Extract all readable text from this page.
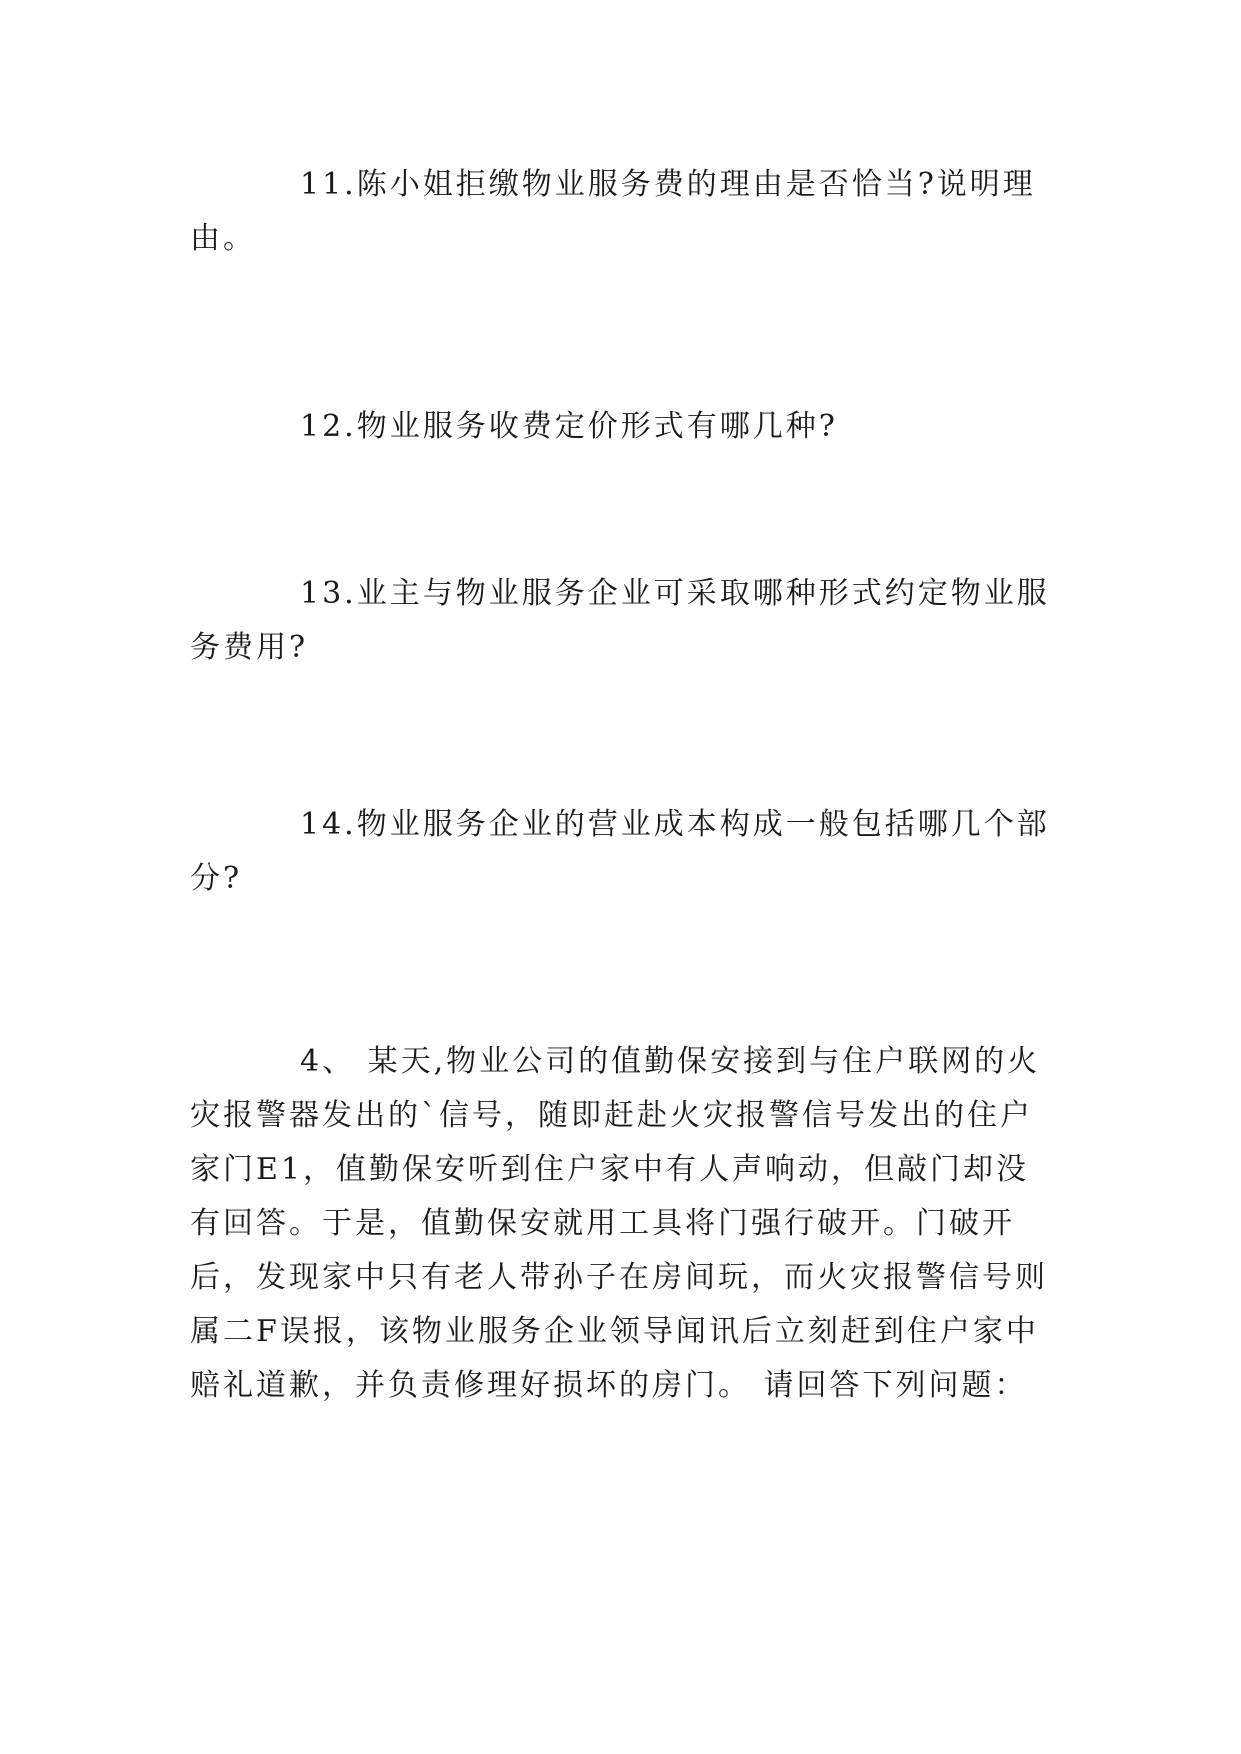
11.陈小姐拒缴物业服务费的理由是否恰当?说明理由。

12.物业服务收费定价形式有哪几种?

13.业主与物业服务企业可采取哪种形式约定物业服务费用?

14.物业服务企业的营业成本构成一般包括哪几个部分?

4、 某天,物业公司的值勤保安接到与住户联网的火灾报警器发出的`信号，随即赶赴火灾报警信号发出的住户家门E1，值勤保安听到住户家中有人声响动，但敲门却没有回答。于是，值勤保安就用工具将门强行破开。门破开后，发现家中只有老人带孙子在房间玩，而火灾报警信号则属二F误报，该物业服务企业领导闻讯后立刻赶到住户家中赔礼道歉，并负责修理好损坏的房门。 请回答下列问题：
